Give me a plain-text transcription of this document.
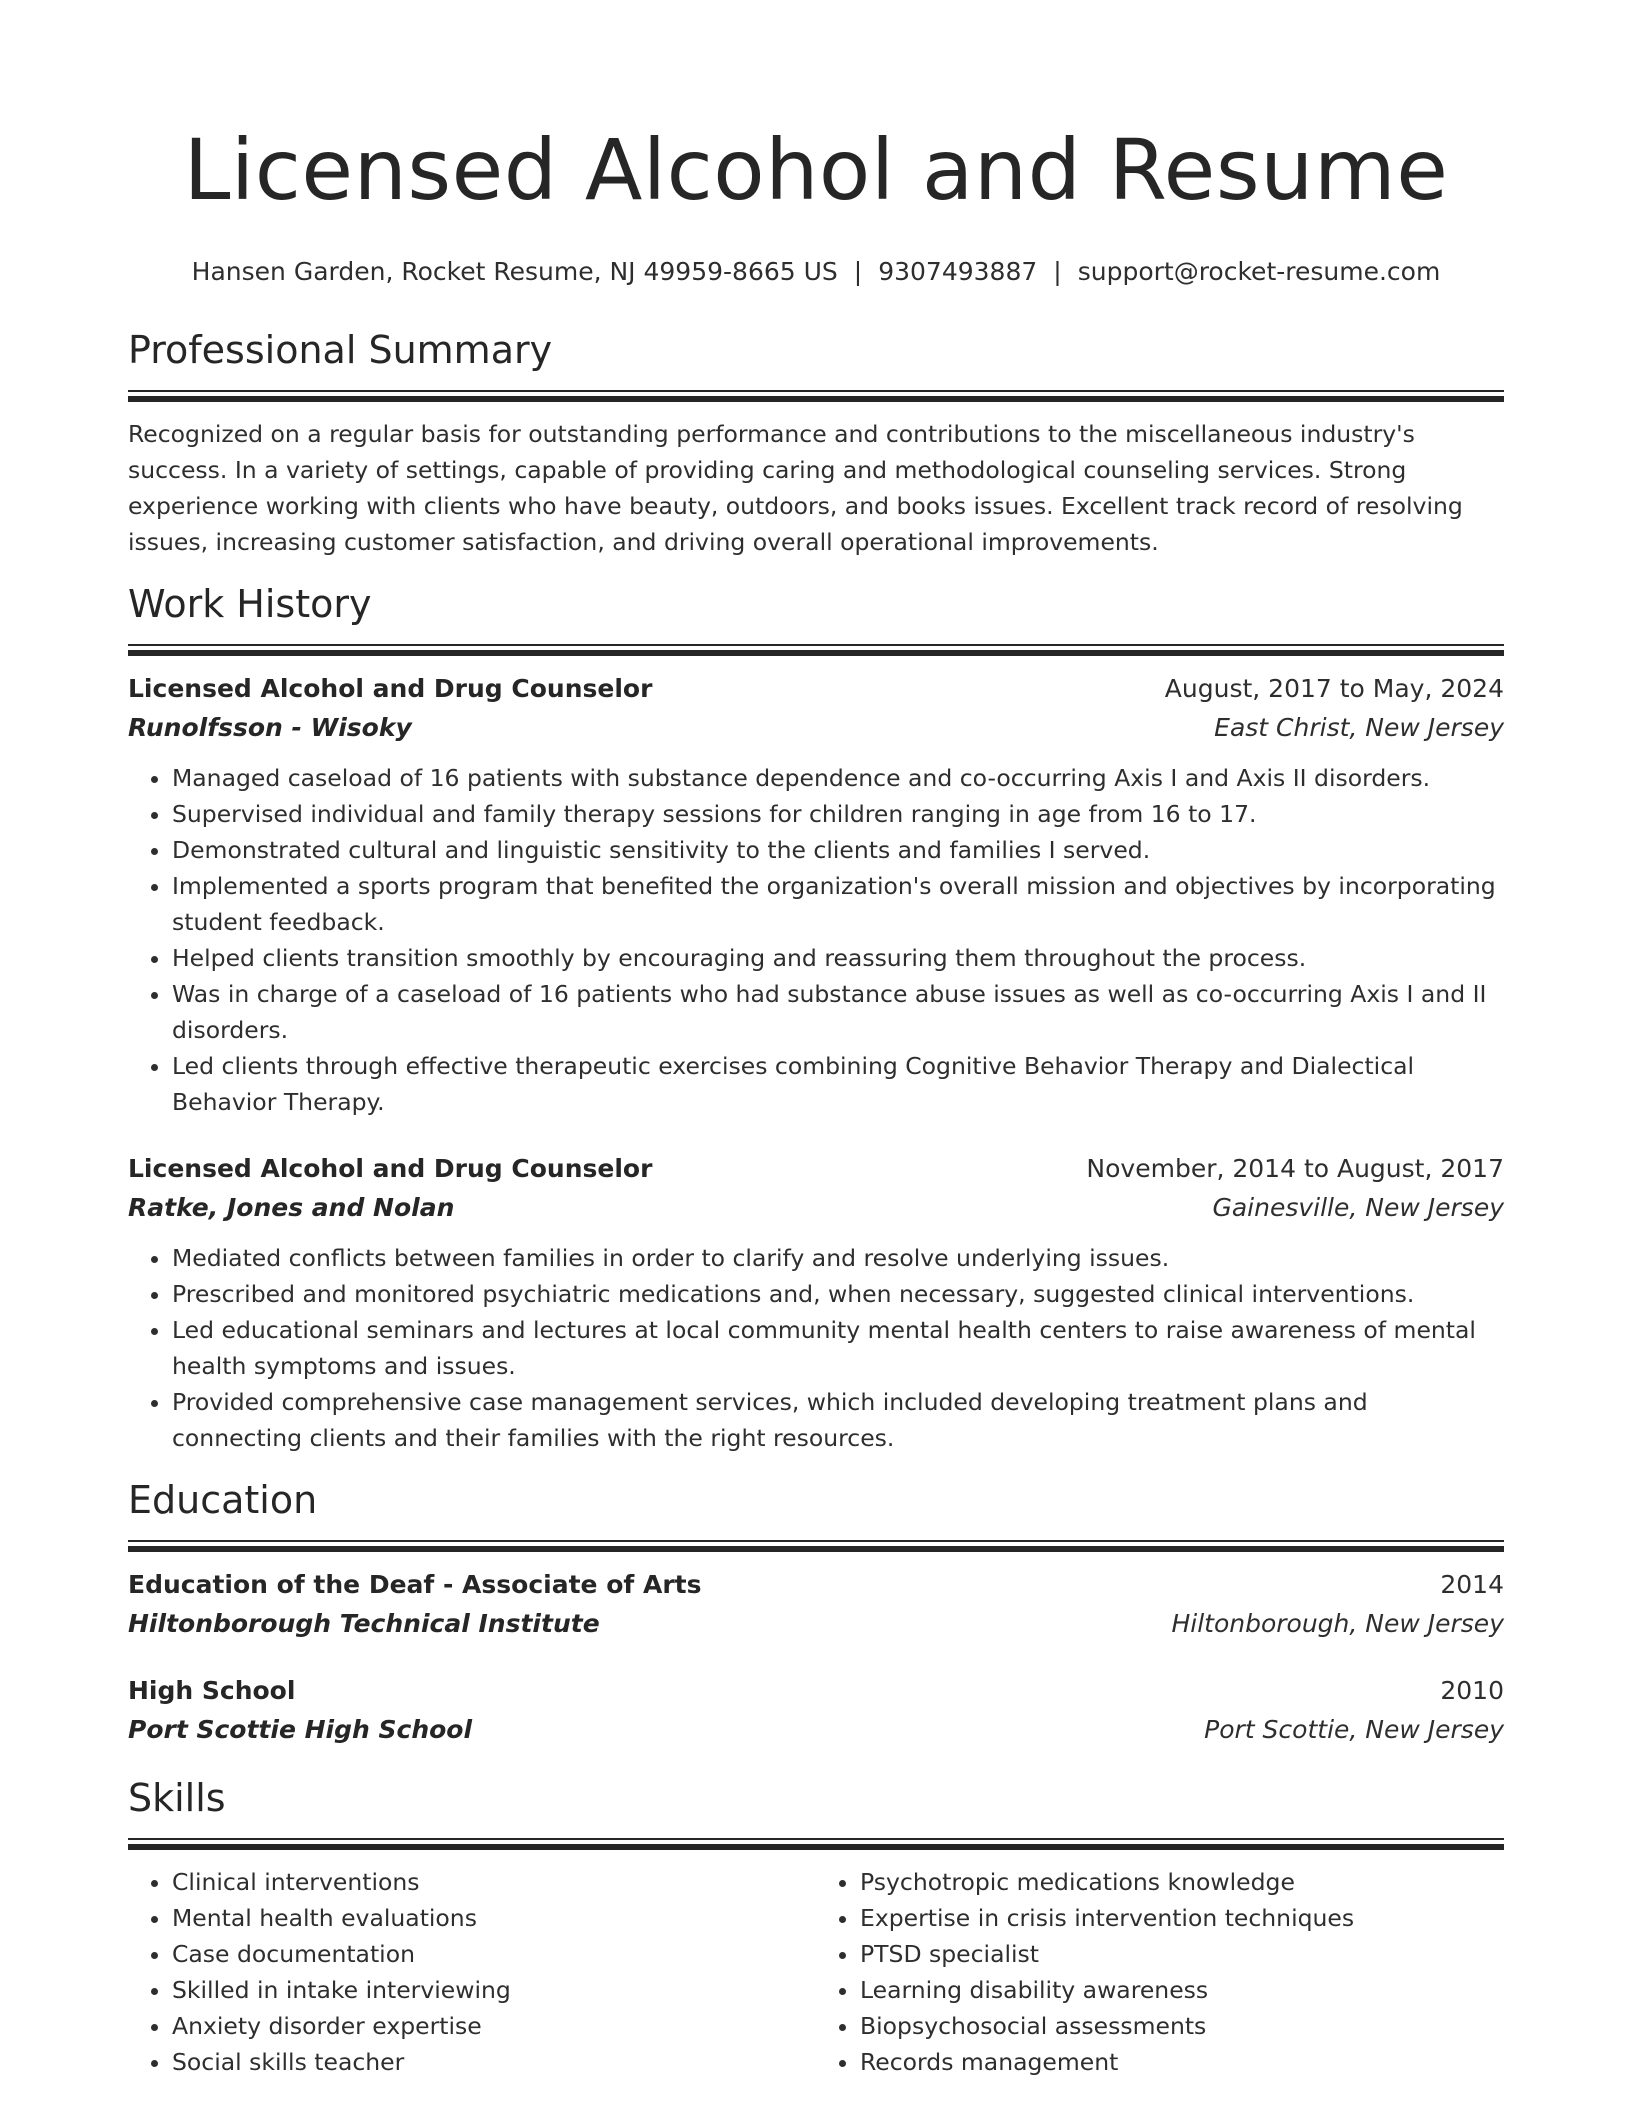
Licensed Alcohol and Resume
Hansen Garden, Rocket Resume, NJ 49959-8665 US | 9307493887 | support@rocket-resume.com
Professional Summary

Recognized on a regular basis for outstanding performance and contributions to the miscellaneous industry's success. In a variety of settings, capable of providing caring and methodological counseling services. Strong experience working with clients who have beauty, outdoors, and books issues. Excellent track record of resolving issues, increasing customer satisfaction, and driving overall operational improvements.

Work History
Licensed Alcohol and Drug Counselor	August, 2017 to May, 2024
Runolfsson - Wisoky	East Christ, New Jersey
• Managed caseload of 16 patients with substance dependence and co-occurring Axis I and Axis II disorders.
• Supervised individual and family therapy sessions for children ranging in age from 16 to 17.
• Demonstrated cultural and linguistic sensitivity to the clients and families I served.
• Implemented a sports program that benefited the organization's overall mission and objectives by incorporating student feedback.
• Helped clients transition smoothly by encouraging and reassuring them throughout the process.
• Was in charge of a caseload of 16 patients who had substance abuse issues as well as co-occurring Axis I and II disorders.
• Led clients through effective therapeutic exercises combining Cognitive Behavior Therapy and Dialectical Behavior Therapy.
Licensed Alcohol and Drug Counselor	November, 2014 to August, 2017
Ratke, Jones and Nolan	Gainesville, New Jersey
• Mediated conflicts between families in order to clarify and resolve underlying issues.
• Prescribed and monitored psychiatric medications and, when necessary, suggested clinical interventions.
• Led educational seminars and lectures at local community mental health centers to raise awareness of mental health symptoms and issues.
• Provided comprehensive case management services, which included developing treatment plans and connecting clients and their families with the right resources.
Education
Education of the Deaf - Associate of Arts	2014
Hiltonborough Technical Institute	Hiltonborough, New Jersey
High School	2010
Port Scottie High School	Port Scottie, New Jersey
Skills
• Clinical interventions
• Mental health evaluations
• Case documentation
• Skilled in intake interviewing
• Anxiety disorder expertise
• Social skills teacher
• Psychotropic medications knowledge
• Expertise in crisis intervention techniques
• PTSD specialist
• Learning disability awareness
• Biopsychosocial assessments
• Records management
